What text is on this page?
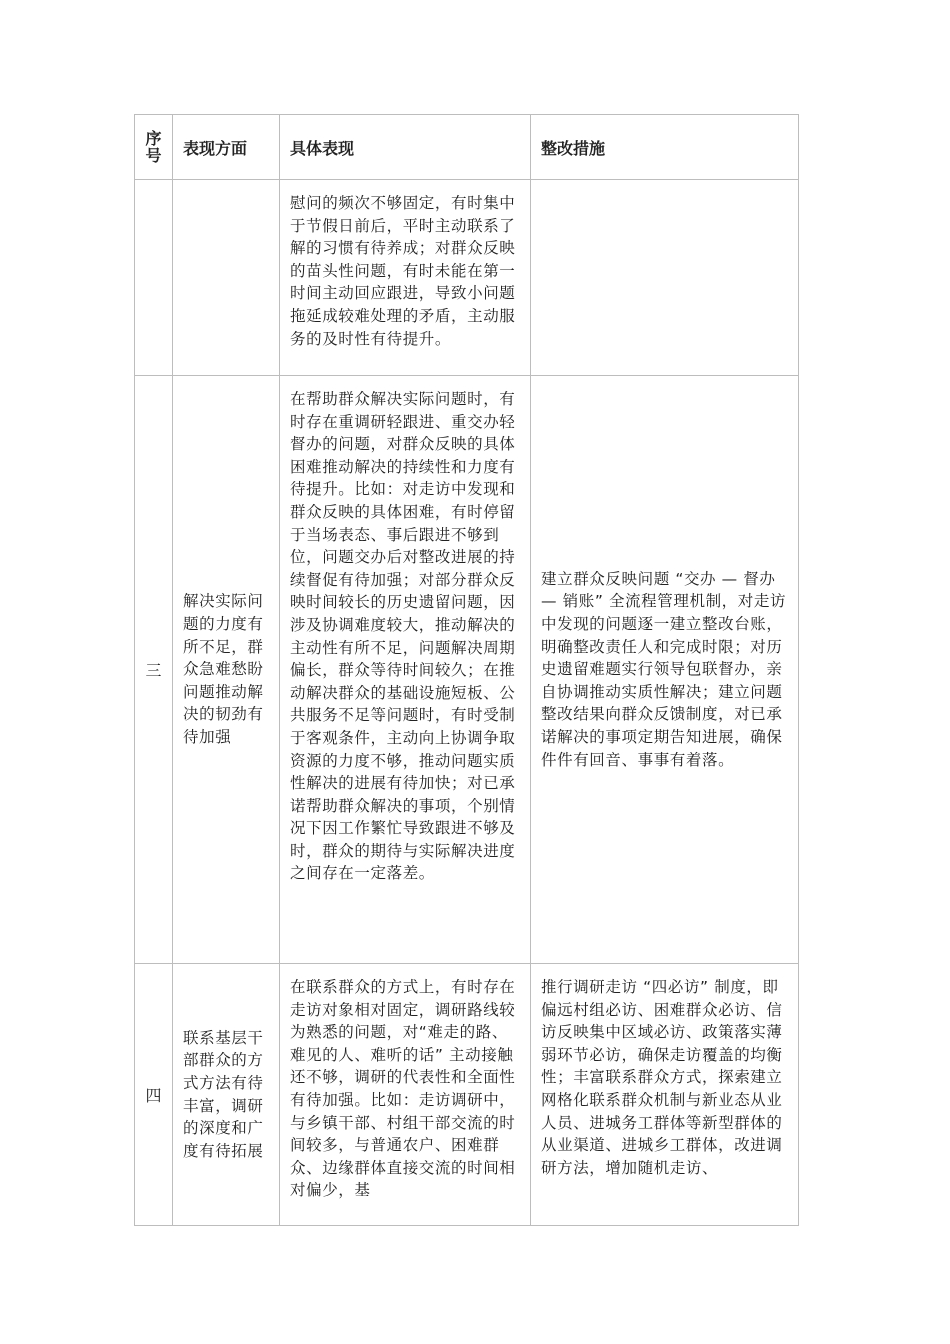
序号	表现方面	具体表现	整改措施

		慰问的频次不够固定，有时集中于节假日前后，平时主动联系了解的习惯有待养成；对群众反映的苗头性问题，有时未能在第一时间主动回应跟进，导致小问题拖延成较难处理的矛盾，主动服务的及时性有待提升。	

三	解决实际问题的力度有所不足，群众急难愁盼问题推动解决的韧劲有待加强	在帮助群众解决实际问题时，有时存在重调研轻跟进、重交办轻督办的问题，对群众反映的具体困难推动解决的持续性和力度有待提升。比如：对走访中发现和群众反映的具体困难，有时停留于当场表态、事后跟进不够到位，问题交办后对整改进展的持续督促有待加强；对部分群众反映时间较长的历史遗留问题，因涉及协调难度较大，推动解决的主动性有所不足，问题解决周期偏长，群众等待时间较久；在推动解决群众的基础设施短板、公共服务不足等问题时，有时受制于客观条件，主动向上协调争取资源的力度不够，推动问题实质性解决的进展有待加快；对已承诺帮助群众解决的事项，个别情况下因工作繁忙导致跟进不够及时，群众的期待与实际解决进度之间存在一定落差。	建立群众反映问题 “交办 — 督办 — 销账” 全流程管理机制，对走访中发现的问题逐一建立整改台账，明确整改责任人和完成时限；对历史遗留难题实行领导包联督办，亲自协调推动实质性解决；建立问题整改结果向群众反馈制度，对已承诺解决的事项定期告知进展，确保件件有回音、事事有着落。

四	联系基层干部群众的方式方法有待丰富，调研的深度和广度有待拓展	在联系群众的方式上，有时存在走访对象相对固定，调研路线较为熟悉的问题，对“难走的路、难见的人、难听的话” 主动接触还不够，调研的代表性和全面性有待加强。比如：走访调研中，与乡镇干部、村组干部交流的时间较多，与普通农户、困难群众、边缘群体直接交流的时间相对偏少，基	推行调研走访 “四必访” 制度，即偏远村组必访、困难群众必访、信访反映集中区域必访、政策落实薄弱环节必访，确保走访覆盖的均衡性；丰富联系群众方式，探索建立网格化联系群众机制与新业态从业人员、进城务工群体等新型群体的从业渠道、进城乡工群体，改进调研方法，增加随机走访、
